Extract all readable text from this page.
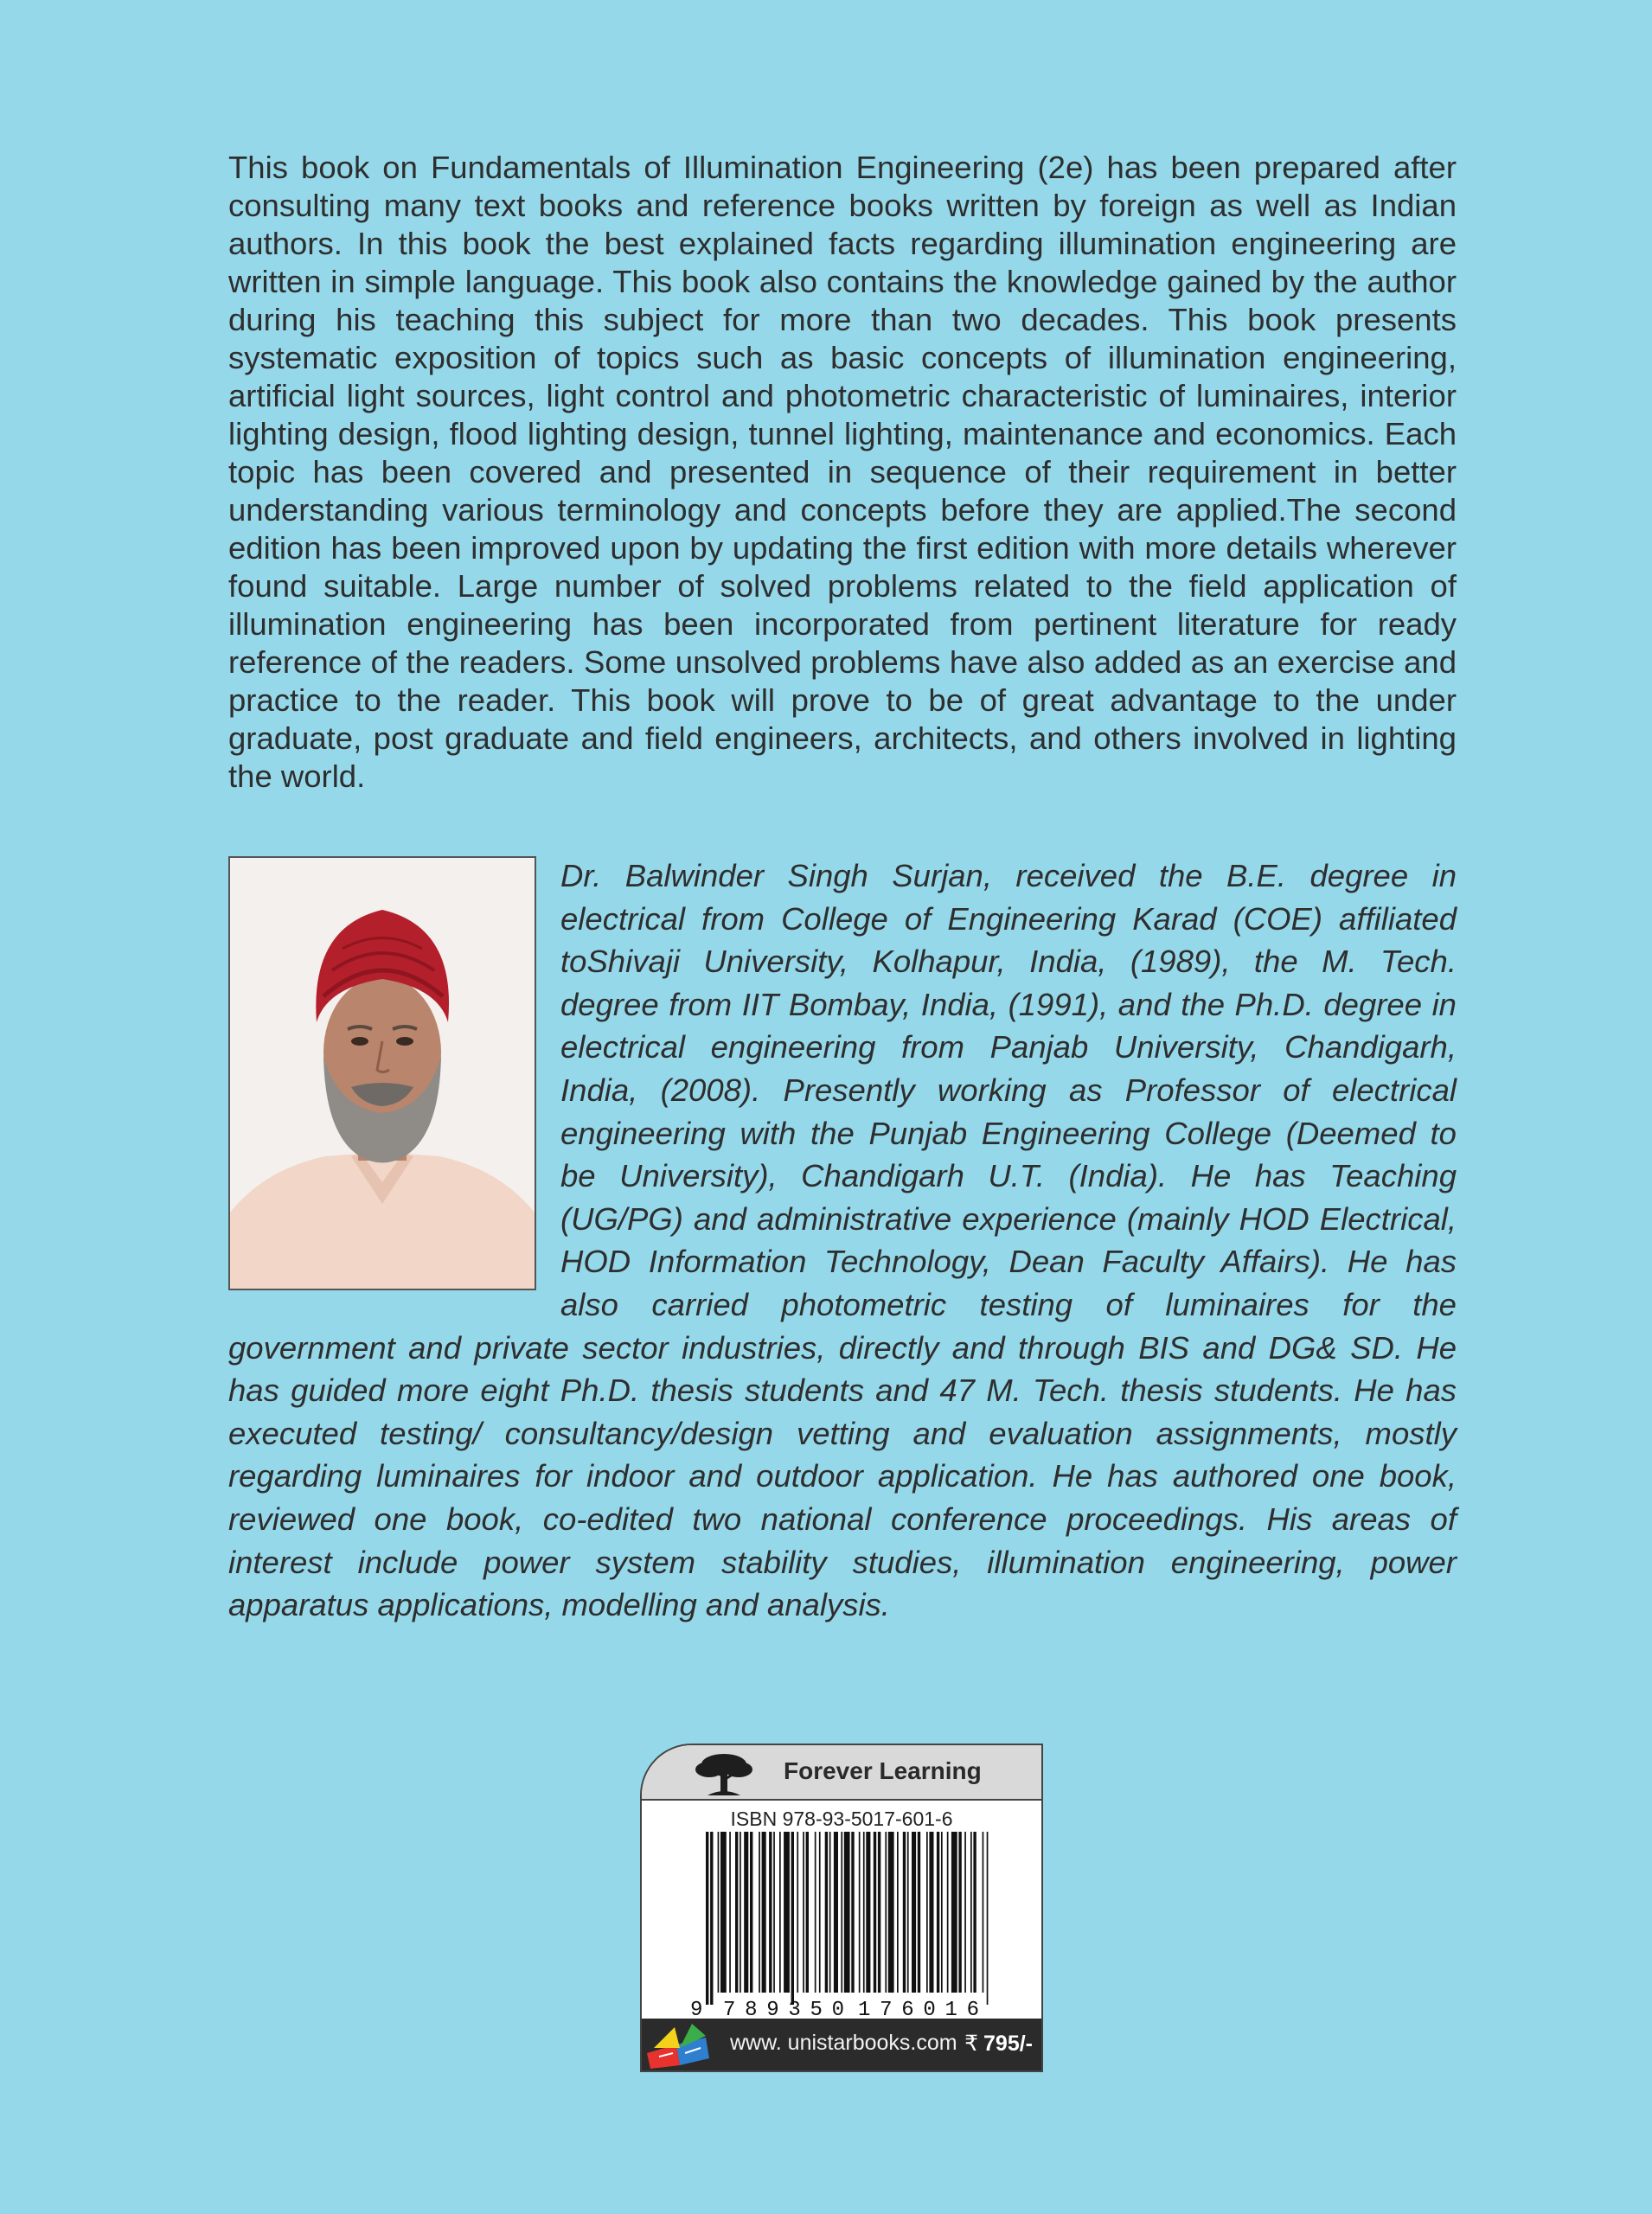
This book on Fundamentals of Illumination Engineering (2e) has been prepared after consulting many text books and reference books written by foreign as well as Indian authors. In this book the best explained facts regarding illumination engineering are written in simple language. This book also contains the knowledge gained by the author during his teaching this subject for more than two decades. This book presents systematic exposition of topics such as basic concepts of illumination engineering, artificial light sources, light control and photometric characteristic of luminaires, interior lighting design, flood lighting design, tunnel lighting, maintenance and economics. Each topic has been covered and presented in sequence of their requirement in better understanding various terminology and concepts before they are applied.The second edition has been improved upon by updating the first edition with more details wherever found suitable. Large number of solved problems related to the field application of illumination engineering has been incorporated from pertinent literature for ready reference of the readers. Some unsolved problems have also added as an exercise and practice to the reader. This book will prove to be of great advantage to the under graduate, post graduate and field engineers, architects, and others involved in lighting the world.

Dr. Balwinder Singh Surjan, received the B.E. degree in electrical from College of Engineering Karad (COE) affiliated toShivaji University, Kolhapur, India, (1989), the M. Tech. degree from IIT Bombay, India, (1991), and the Ph.D. degree in electrical engineering from Panjab University, Chandigarh, India, (2008). Presently working as Professor of electrical engineering with the Punjab Engineering College (Deemed to be University), Chandigarh U.T. (India). He has Teaching (UG/PG) and administrative experience (mainly HOD Electrical, HOD Information Technology, Dean Faculty Affairs). He has also carried photometric testing of luminaires for the government and private sector industries, directly and through BIS and DG& SD. He has guided more eight Ph.D. thesis students and 47 M. Tech. thesis students. He has executed testing/ consultancy/design vetting and evaluation assignments, mostly regarding luminaires for indoor and outdoor application. He has authored one book, reviewed one book, co-edited two national conference proceedings. His areas of interest include power system stability studies, illumination engineering, power apparatus applications, modelling and analysis.

Forever Learning
ISBN 978-93-5017-601-6
9 789350 176016
www. unistarbooks.com ₹ 795/-
